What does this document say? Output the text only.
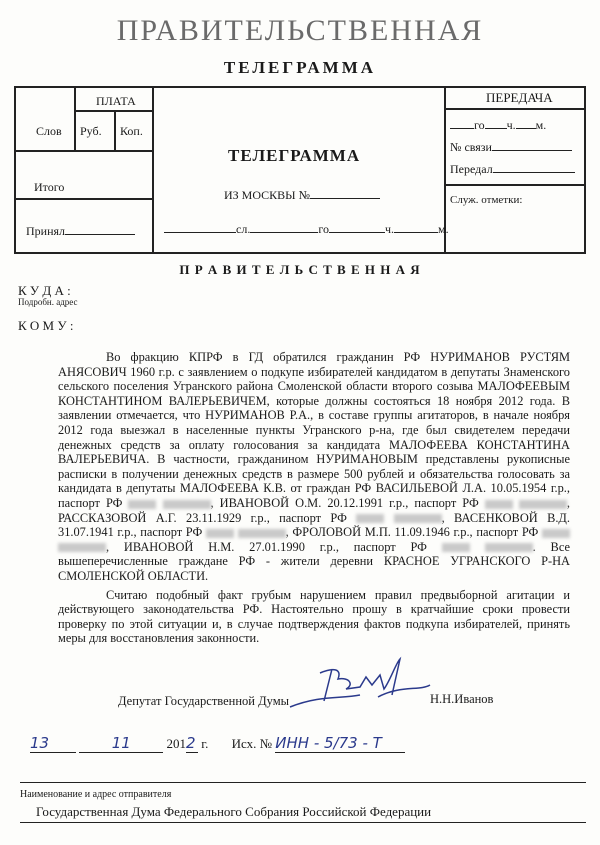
ПРАВИТЕЛЬСТВЕННАЯ
ТЕЛЕГРАММА
ПЛАТА
Слов Руб. Коп.
Итого
Принял
ТЕЛЕГРАММА
ИЗ МОСКВЫ №
сл.	го	ч.	м.
ПЕРЕДАЧА
го ч. м.
№ связи
Передал
Служ. отметки:
П Р А В И Т Е Л Ь С Т В Е Н Н А Я
К У Д А :
Подробн. адрес
К О М У :

Во фракцию КПРФ в ГД обратился гражданин РФ НУРИМАНОВ РУСТЯМ АНЯСОВИЧ 1960 г.р. с заявлением о подкупе избирателей кандидатом в депутаты Знаменского сельского поселения Угранского района Смоленской области второго созыва МАЛОФЕЕВЫМ КОНСТАНТИНОМ ВАЛЕРЬЕВИЧЕМ, которые должны состояться 18 ноября 2012 года. В заявлении отмечается, что НУРИМАНОВ Р.А., в составе группы агитаторов, в начале ноября 2012 года выезжал в населенные пункты Угранского р-на, где был свидетелем передачи денежных средств за оплату голосования за кандидата МАЛОФЕЕВА КОНСТАНТИНА ВАЛЕРЬЕВИЧА. В частности, гражданином НУРИМАНОВЫМ представлены рукописные расписки в получении денежных средств в размере 500 рублей и обязательства голосовать за кандидата в депутаты МАЛОФЕЕВА К.В. от граждан РФ ВАСИЛЬЕВОЙ Л.А. 10.05.1954 г.р., паспорт РФ	, ИВАНОВОЙ О.М. 20.12.1991 г.р., паспорт РФ	, РАССКАЗОВОЙ А.Г. 23.11.1929 г.р., паспорт РФ	, ВАСЕНКОВОЙ В.Д. 31.07.1941 г.р., паспорт РФ	, ФРОЛОВОЙ М.П. 11.09.1946 г.р., паспорт РФ  , ИВАНОВОЙ Н.М. 27.01.1990 г.р., паспорт РФ	. Все вышеперечисленные граждане РФ - жители деревни КРАСНОЕ УГРАНСКОГО Р-НА СМОЛЕНСКОЙ ОБЛАСТИ.

Считаю подобный факт грубым нарушением правил предвыборной агитации и действующего законодательства РФ. Настоятельно прошу в кратчайшие сроки провести проверку по этой ситуации и, в случае подтверждения фактов подкупа избирателей, принять меры для восстановления законности.

Депутат Государственной Думы	Н.Н.Иванов
13	11	2012 г. Исх. № ИНН - 5/73 - Т
Наименование и адрес отправителя
Государственная Дума Федерального Собрания Российской Федерации
